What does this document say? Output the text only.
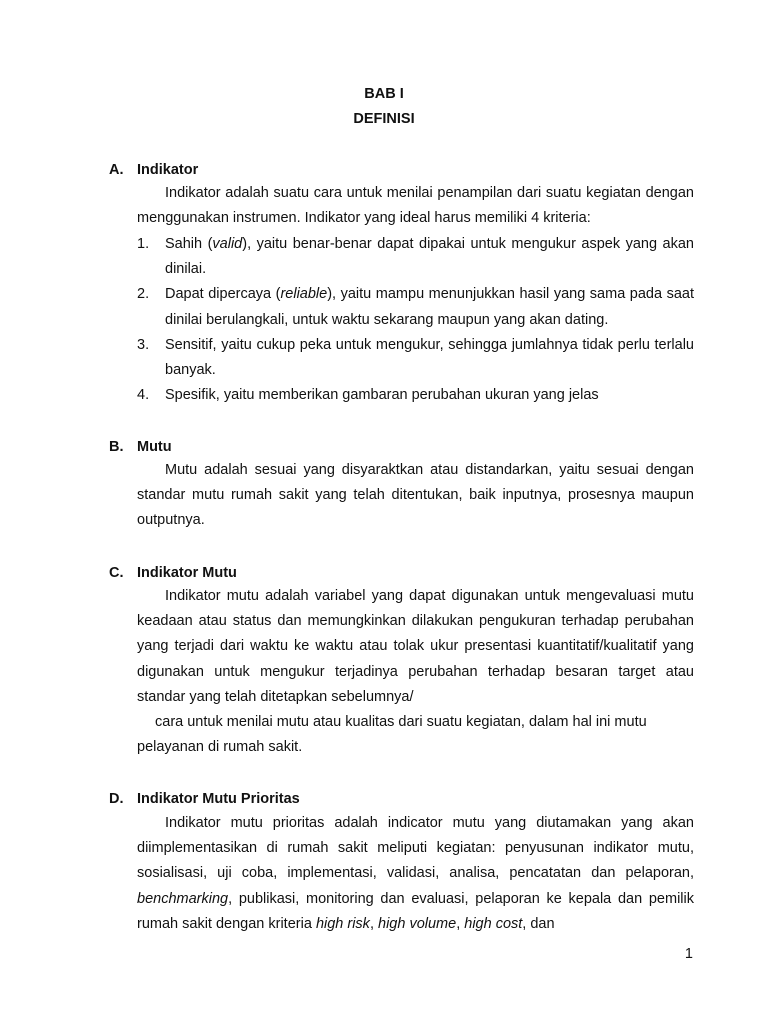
BAB I
DEFINISI
A. Indikator

Indikator adalah suatu cara untuk menilai penampilan dari suatu kegiatan dengan menggunakan instrumen. Indikator yang ideal harus memiliki 4 kriteria:

1. Sahih (valid), yaitu benar-benar dapat dipakai untuk mengukur aspek yang akan dinilai.
2. Dapat dipercaya (reliable), yaitu mampu menunjukkan hasil yang sama pada saat dinilai berulangkali, untuk waktu sekarang maupun yang akan dating.
3. Sensitif, yaitu cukup peka untuk mengukur, sehingga jumlahnya tidak perlu terlalu banyak.
4. Spesifik, yaitu memberikan gambaran perubahan ukuran yang jelas
B. Mutu

Mutu adalah sesuai yang disyaraktkan atau distandarkan, yaitu sesuai dengan standar mutu rumah sakit yang telah ditentukan, baik inputnya, prosesnya maupun outputnya.

C. Indikator Mutu

Indikator mutu adalah variabel yang dapat digunakan untuk mengevaluasi mutu keadaan atau status dan memungkinkan dilakukan pengukuran terhadap perubahan yang terjadi dari waktu ke waktu atau tolak ukur presentasi kuantitatif/kualitatif yang digunakan untuk mengukur terjadinya perubahan terhadap besaran target atau standar yang telah ditetapkan sebelumnya/

cara untuk menilai mutu atau kualitas dari suatu kegiatan, dalam hal ini mutu

pelayanan di rumah sakit.

D. Indikator Mutu Prioritas

Indikator mutu prioritas adalah indicator mutu yang diutamakan yang akan diimplementasikan di rumah sakit meliputi kegiatan: penyusunan indikator mutu, sosialisasi, uji coba, implementasi, validasi, analisa, pencatatan dan pelaporan, benchmarking, publikasi, monitoring dan evaluasi, pelaporan ke kepala dan pemilik rumah sakit dengan kriteria high risk, high volume, high cost, dan

1
